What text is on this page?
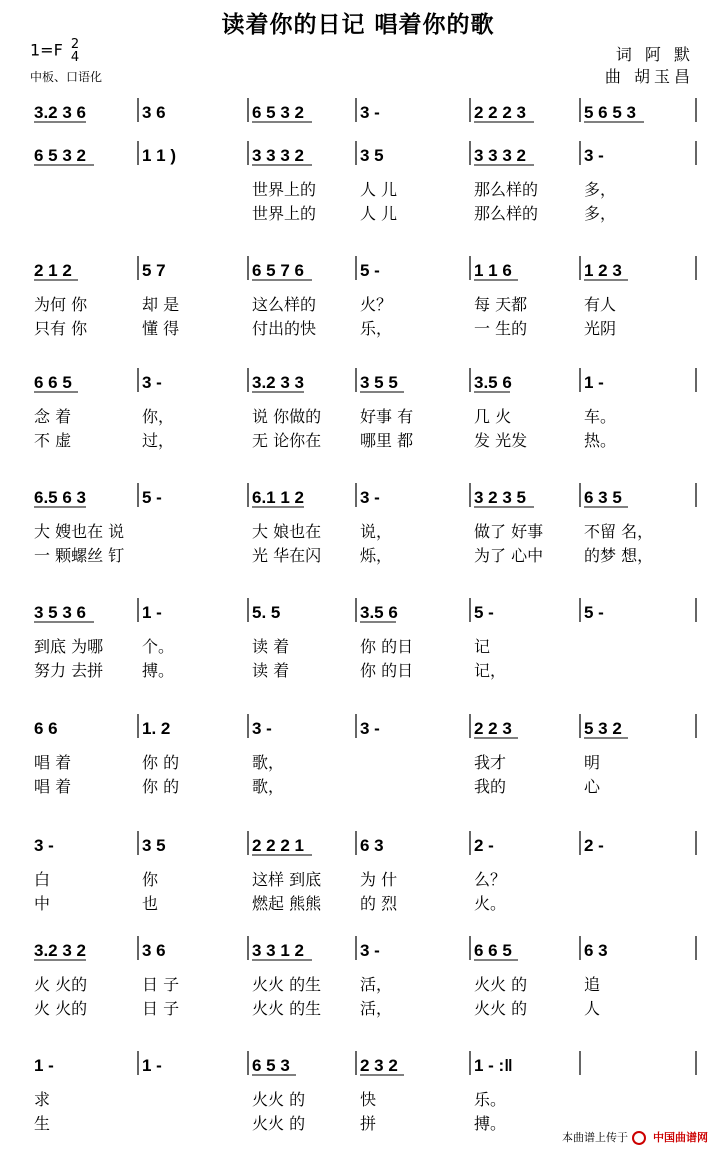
3.2 3 6	3 6	6 5 3 2	3 -	2 2 2 3	5 6 5 3
6 5 3 2	1 1 )	3 3 3 2	3 5	3 3 3 2	3 -
世界上的	人 儿	那么样的	多，
世界上的	人 儿	那么样的	多，
2 1 2	5 7	6 5 7 6	5 -	1 1 6	1 2 3
为何 你	却 是	这么样的	火？	每 天都	有人
只有 你	懂 得	付出的快	乐，	一 生的	光阴
6 6 5	3 -	3.2 3 3	3 5 5	3.5 6	1 -
念 着	你，	说 你做的 好事 有	几 火	车。
不 虚	过，	无 论你在 哪里 都	发 光发	热。
6.5 6 3	5 -	6.1 1 2	3 -	3 2 3 5	6 3 5
大 嫂也在 说	大 娘也在 说，	做了 好事	不留 名，
一 颗螺丝 钉	光 华在闪 烁，	为了 心中	的梦 想，
3 5 3 6	1 -	5. 5	3.5 6	5 -	5 -
到底 为哪 个。	读 着	你 的日	记
努力 去拼 搏。	读 着	你 的日	记，
6 6	1. 2	3 -	3 -	2 2 3	5 3 2
唱 着	你 的	歌，	我才	明
唱 着	你 的	歌，	我的	心
3 -	3 5	2 2 2 1	6 3	2 -	2 -
白	你	这样 到底 为 什	么？
中	也	燃起 熊熊 的 烈	火。
3.2 3 2	3 6	3 3 1 2	3 -	6 6 5	6 3
火 火的	日 子	火火 的生 活，	火火 的	追
火 火的	日 子	火火 的生 活，	火火 的	人
1 -	1 -	6 5 3	2 3 2	1 - :‖
求	火火 的	快	乐。
生	火火 的	拼	搏。
读着你的日记 唱着你的歌
1=F 2
4
中板、口语化
词 阿 默
曲 胡玉昌
本曲谱上传于 中国曲谱网
